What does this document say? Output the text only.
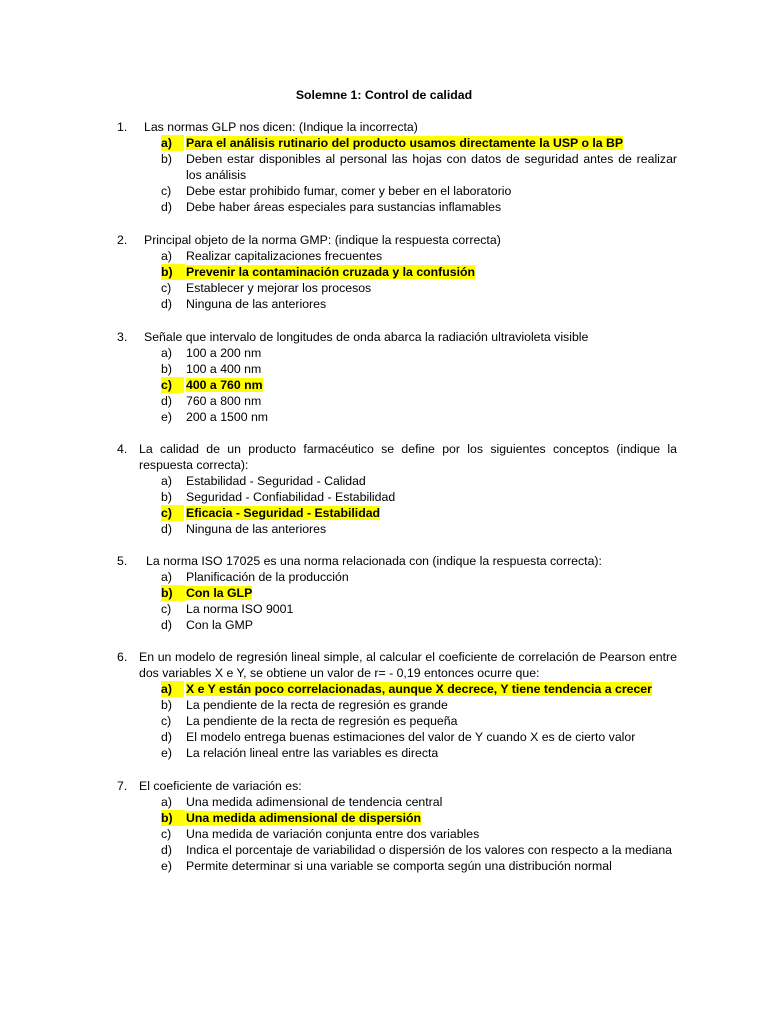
Solemne 1: Control de calidad
1.	Las normas GLP nos dicen: (Indique la incorrecta)
a)	Para el análisis rutinario del producto usamos directamente la USP o la BP
b) Deben estar disponibles al personal las hojas con datos de seguridad antes de realizar los análisis
c) Debe estar prohibido fumar, comer y beber en el laboratorio
d) Debe haber áreas especiales para sustancias inflamables
2.	Principal objeto de la norma GMP: (indique la respuesta correcta)
a) Realizar capitalizaciones frecuentes
b)	Prevenir la contaminación cruzada y la confusión
c) Establecer y mejorar los procesos
d) Ninguna de las anteriores
3.	Señale que intervalo de longitudes de onda abarca la radiación ultravioleta visible
a) 100 a 200 nm
b) 100 a 400 nm
c)	400 a 760 nm
d) 760 a 800 nm
e) 200 a 1500 nm
4. La calidad de un producto farmacéutico se define por los siguientes conceptos (indique la respuesta correcta):
a) Estabilidad - Seguridad - Calidad
b) Seguridad - Confiabilidad - Estabilidad
c)	Eficacia - Seguridad - Estabilidad
d) Ninguna de las anteriores
5.	La norma ISO 17025 es una norma relacionada con (indique la respuesta correcta):
a) Planificación de la producción
b)	Con la GLP
c) La norma ISO 9001
d) Con la GMP
6. En un modelo de regresión lineal simple, al calcular el coeficiente de correlación de Pearson entre dos variables X e Y, se obtiene un valor de r= - 0,19 entonces ocurre que:
a)	X e Y están poco correlacionadas, aunque X decrece, Y tiene tendencia a crecer
b) La pendiente de la recta de regresión es grande
c) La pendiente de la recta de regresión es pequeña
d) El modelo entrega buenas estimaciones del valor de Y cuando X es de cierto valor
e) La relación lineal entre las variables es directa
7. El coeficiente de variación es:
a) Una medida adimensional de tendencia central
b)	Una medida adimensional de dispersión
c) Una medida de variación conjunta entre dos variables
d) Indica el porcentaje de variabilidad o dispersión de los valores con respecto a la mediana
e) Permite determinar si una variable se comporta según una distribución normal
